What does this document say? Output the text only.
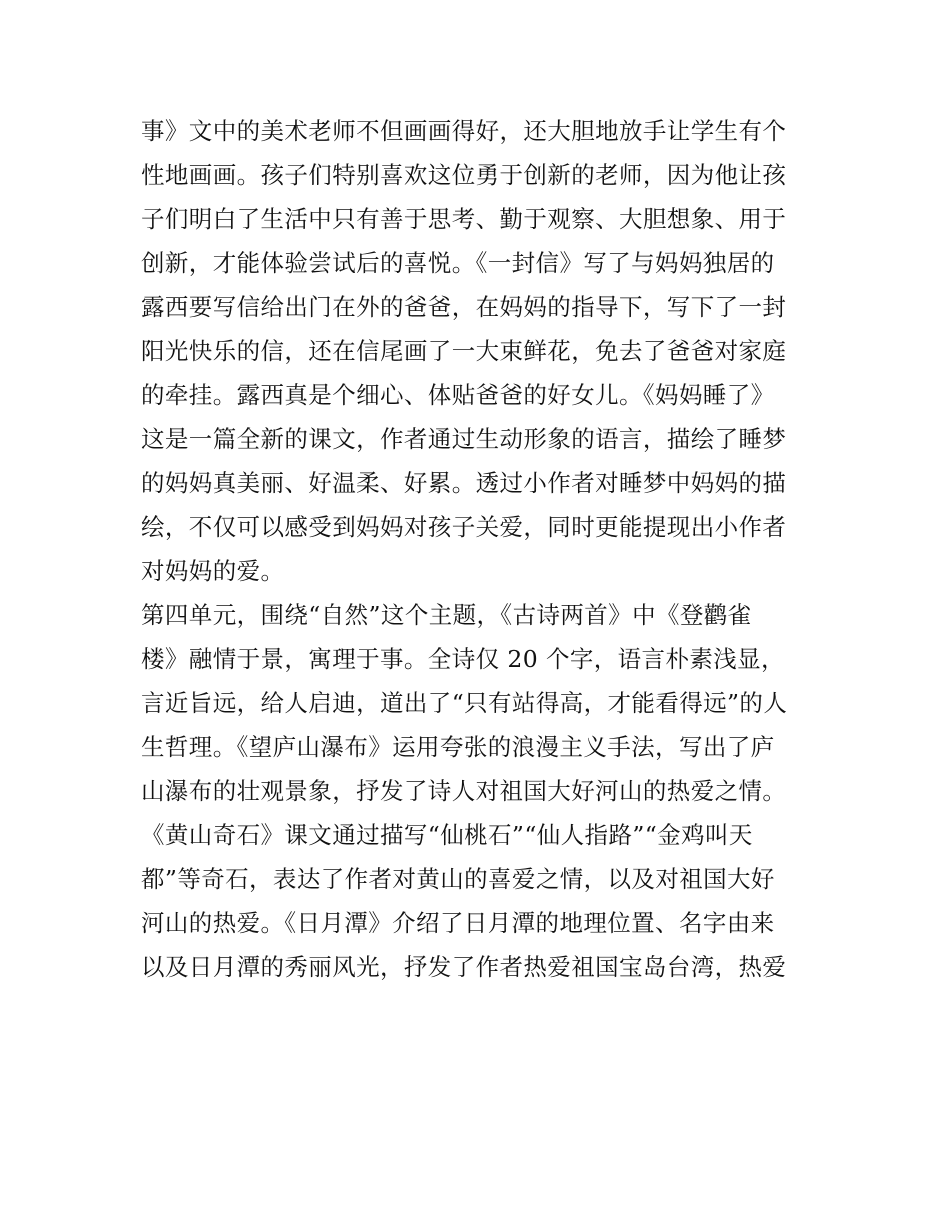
事》文中的美术老师不但画画得好，还大胆地放手让学生有个
性地画画。孩子们特别喜欢这位勇于创新的老师，因为他让孩
子们明白了生活中只有善于思考、勤于观察、大胆想象、用于
创新，才能体验尝试后的喜悦。《一封信》写了与妈妈独居的
露西要写信给出门在外的爸爸，在妈妈的指导下，写下了一封
阳光快乐的信，还在信尾画了一大束鲜花，免去了爸爸对家庭
的牵挂。露西真是个细心、体贴爸爸的好女儿。《妈妈睡了》
这是一篇全新的课文，作者通过生动形象的语言，描绘了睡梦
的妈妈真美丽、好温柔、好累。透过小作者对睡梦中妈妈的描
绘，不仅可以感受到妈妈对孩子关爱，同时更能提现出小作者
对妈妈的爱。
第四单元，围绕“自然”这个主题，《古诗两首》中《登鹳雀
楼》融情于景，寓理于事。全诗仅 20 个字，语言朴素浅显，
言近旨远，给人启迪，道出了“只有站得高，才能看得远”的人
生哲理。《望庐山瀑布》运用夸张的浪漫主义手法，写出了庐
山瀑布的壮观景象，抒发了诗人对祖国大好河山的热爱之情。
《黄山奇石》课文通过描写“仙桃石”“仙人指路”“金鸡叫天
都”等奇石，表达了作者对黄山的喜爱之情，以及对祖国大好
河山的热爱。《日月潭》介绍了日月潭的地理位置、名字由来
以及日月潭的秀丽风光，抒发了作者热爱祖国宝岛台湾，热爱
